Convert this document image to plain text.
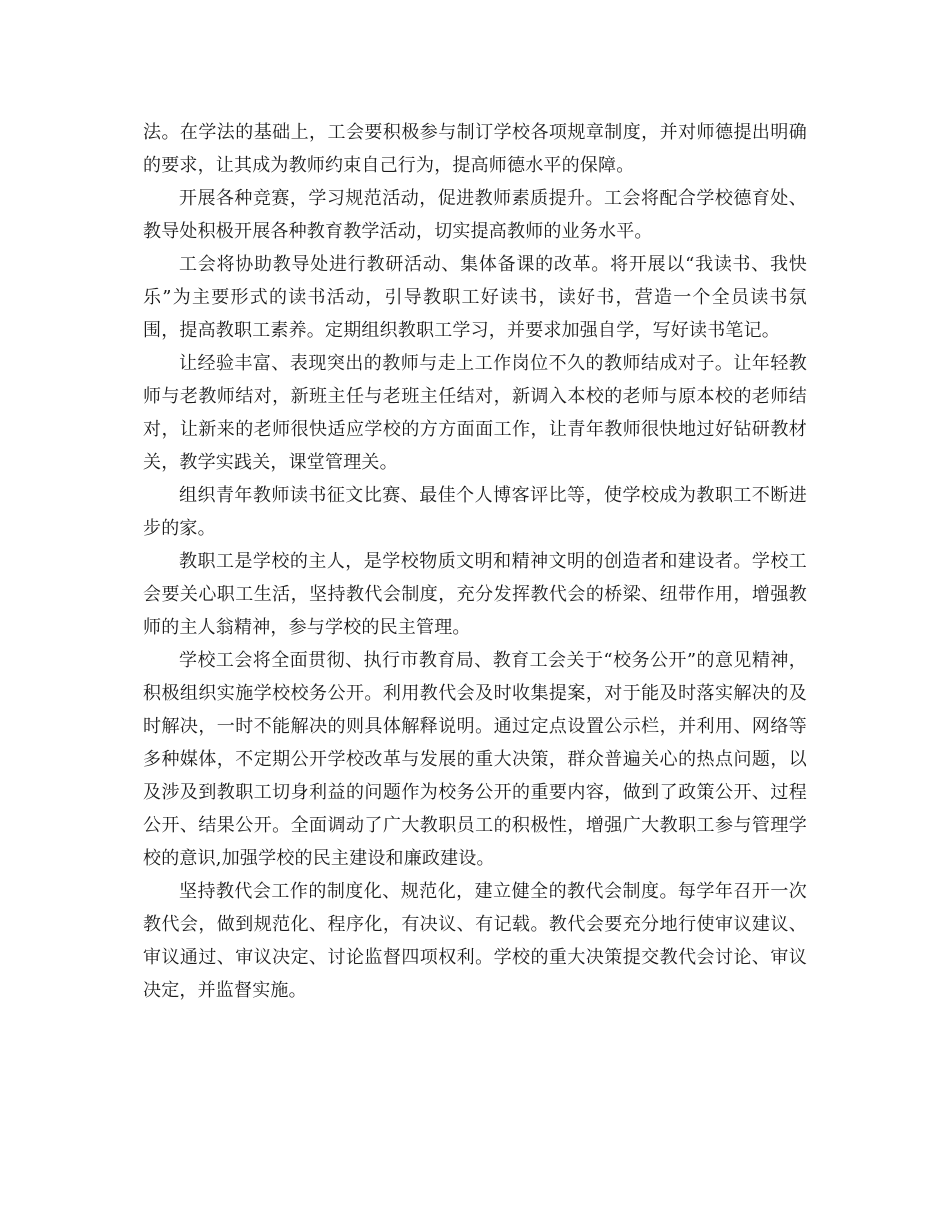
法。在学法的基础上，工会要积极参与制订学校各项规章制度，并对师德提出明确的要求，让其成为教师约束自己行为，提高师德水平的保障。

开展各种竞赛，学习规范活动，促进教师素质提升。工会将配合学校德育处、教导处积极开展各种教育教学活动，切实提高教师的业务水平。

工会将协助教导处进行教研活动、集体备课的改革。将开展以“我读书、我快乐”为主要形式的读书活动，引导教职工好读书，读好书，营造一个全员读书氛围，提高教职工素养。定期组织教职工学习，并要求加强自学，写好读书笔记。

让经验丰富、表现突出的教师与走上工作岗位不久的教师结成对子。让年轻教师与老教师结对，新班主任与老班主任结对，新调入本校的老师与原本校的老师结对，让新来的老师很快适应学校的方方面面工作，让青年教师很快地过好钻研教材关，教学实践关，课堂管理关。

组织青年教师读书征文比赛、最佳个人博客评比等，使学校成为教职工不断进步的家。

教职工是学校的主人，是学校物质文明和精神文明的创造者和建设者。学校工会要关心职工生活，坚持教代会制度，充分发挥教代会的桥梁、纽带作用，增强教师的主人翁精神，参与学校的民主管理。

学校工会将全面贯彻、执行市教育局、教育工会关于“校务公开”的意见精神，积极组织实施学校校务公开。利用教代会及时收集提案，对于能及时落实解决的及时解决，一时不能解决的则具体解释说明。通过定点设置公示栏，并利用、网络等多种媒体，不定期公开学校改革与发展的重大决策，群众普遍关心的热点问题，以及涉及到教职工切身利益的问题作为校务公开的重要内容，做到了政策公开、过程公开、结果公开。全面调动了广大教职员工的积极性，增强广大教职工参与管理学校的意识,加强学校的民主建设和廉政建设。

坚持教代会工作的制度化、规范化，建立健全的教代会制度。每学年召开一次教代会，做到规范化、程序化，有决议、有记载。教代会要充分地行使审议建议、审议通过、审议决定、讨论监督四项权利。学校的重大决策提交教代会讨论、审议决定，并监督实施。
